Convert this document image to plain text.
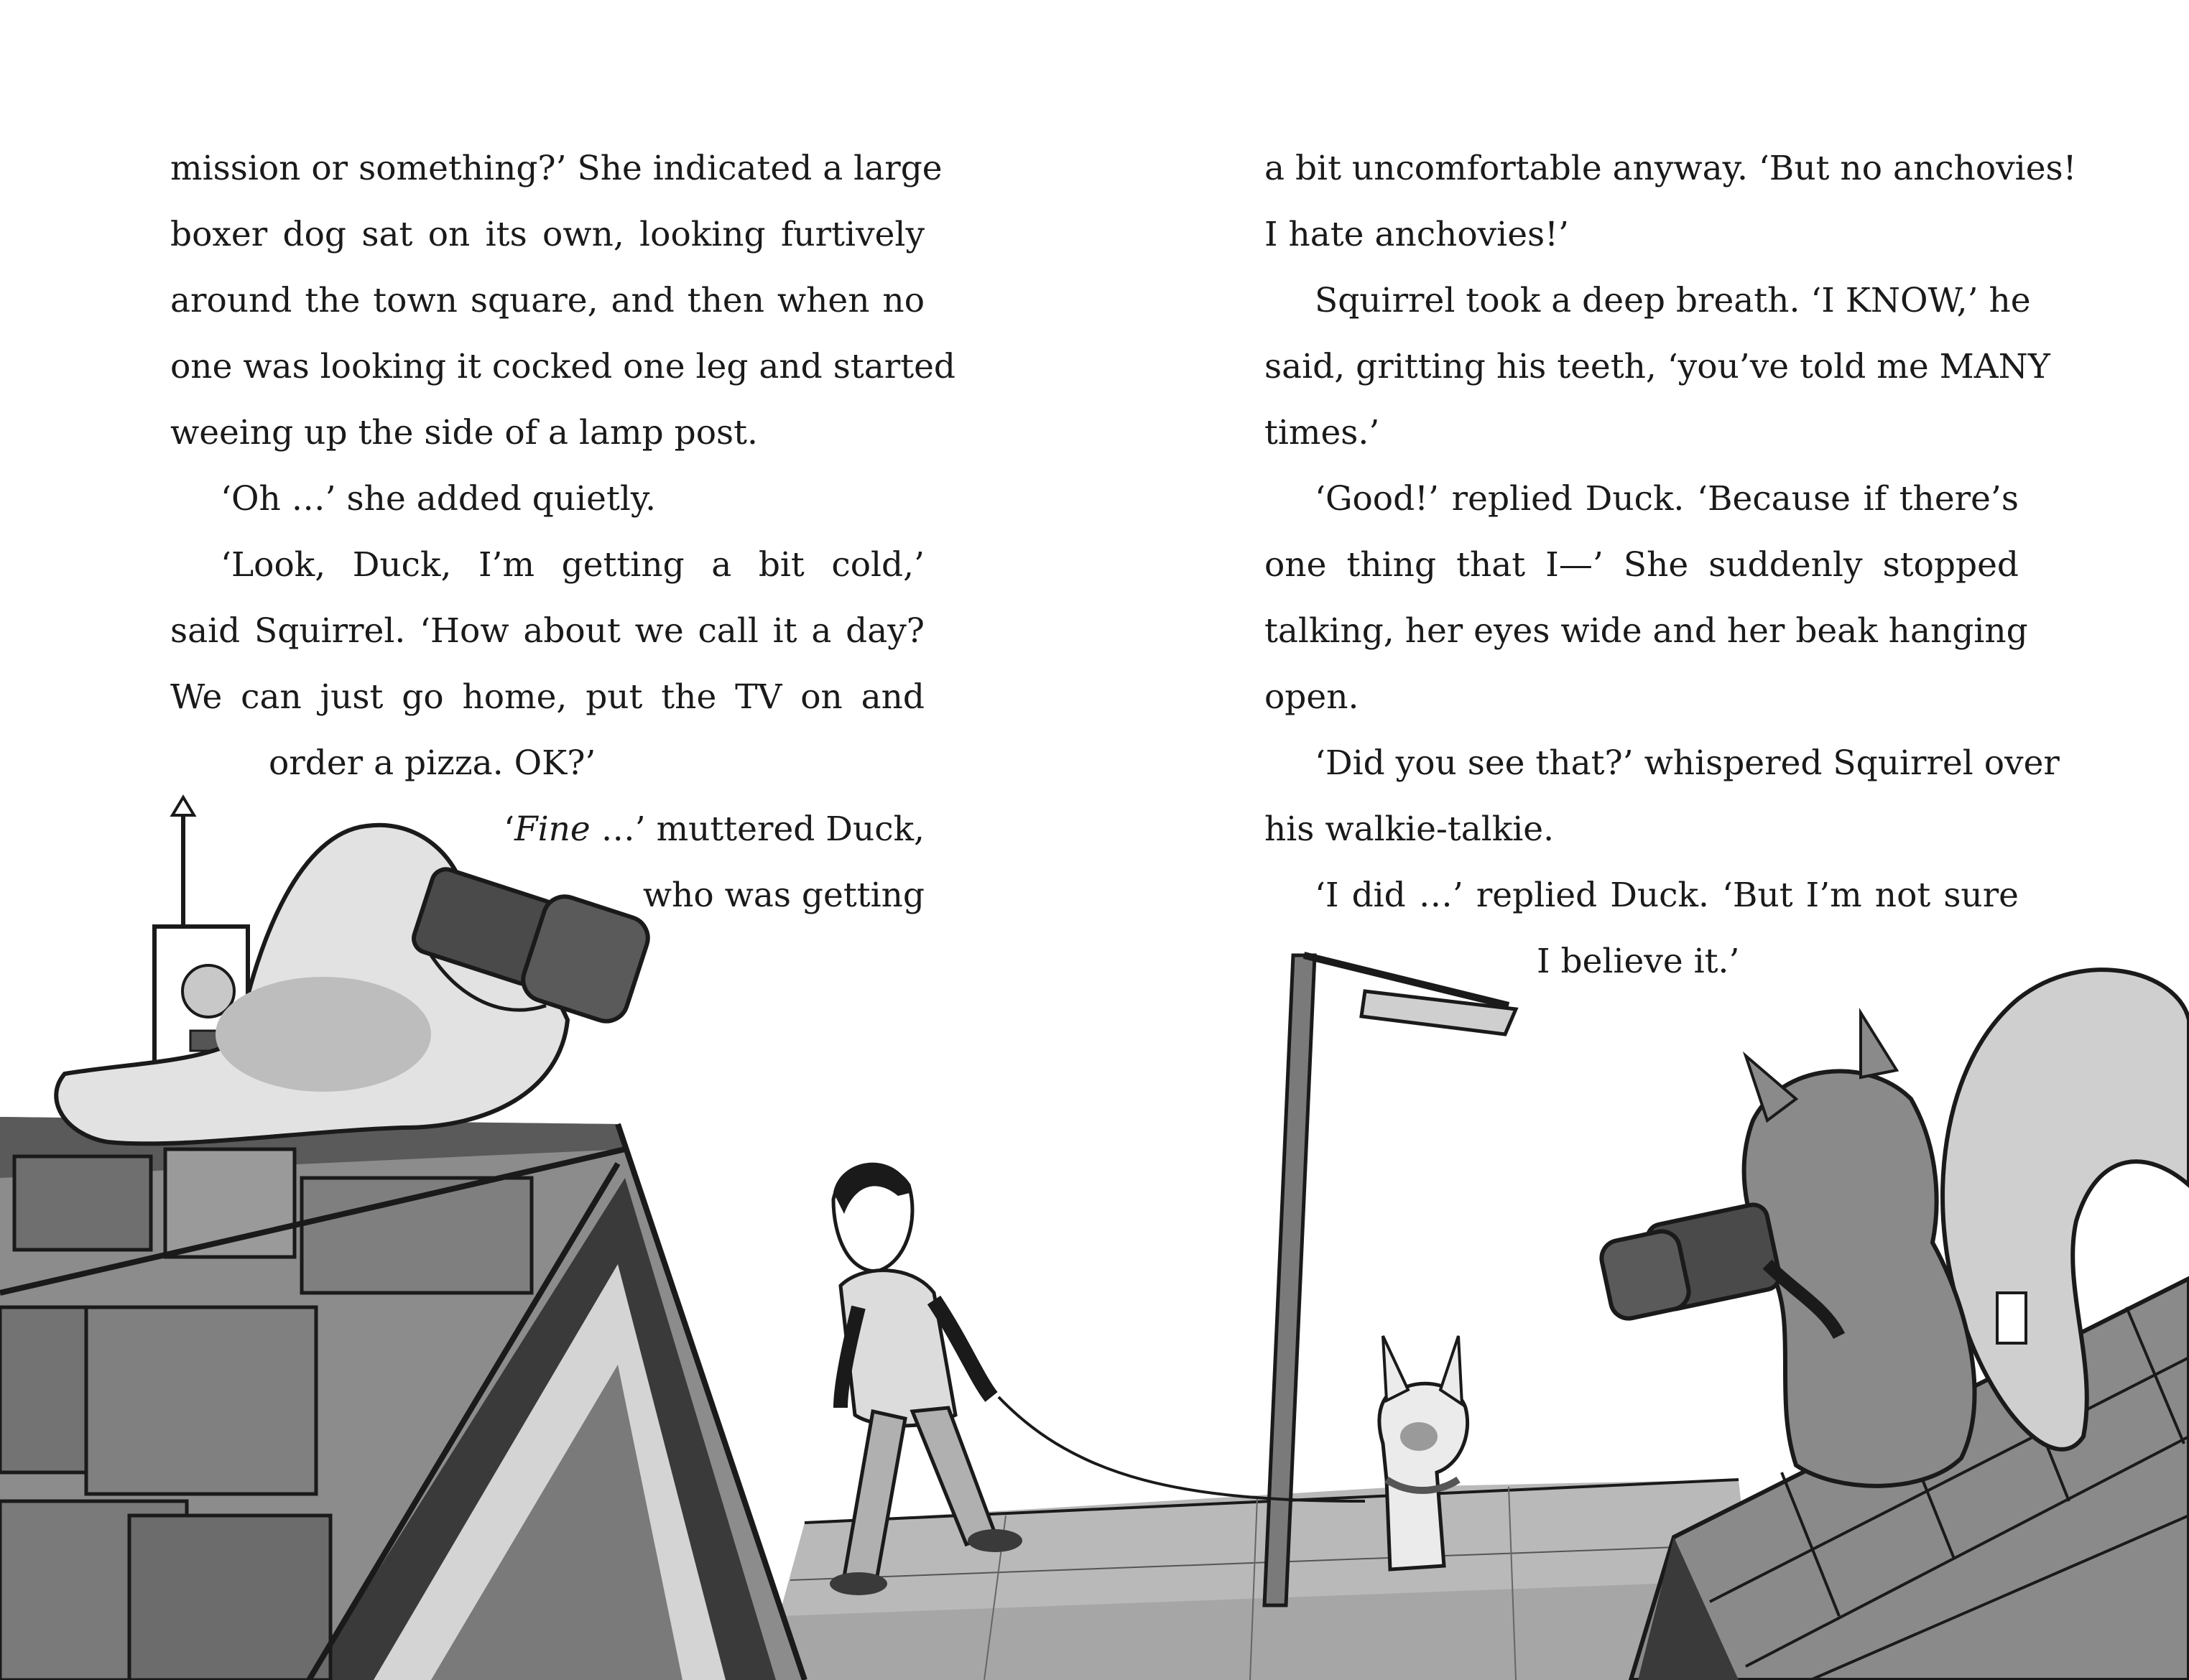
mission or something?’ She indicated a large
boxer dog sat on its own, looking furtively
around the town square, and then when no
one was looking it cocked one leg and started
weeing up the side of a lamp post.
‘Oh …’ she added quietly.
‘Look, Duck, I’m getting a bit cold,’
said Squirrel. ‘How about we call it a day?
We can just go home, put the TV on and
order a pizza. OK?’
‘Fine …’ muttered Duck,
who was getting
a bit uncomfortable anyway. ‘But no anchovies!
I hate anchovies!’
Squirrel took a deep breath. ‘I KNOW,’ he
said, gritting his teeth, ‘you’ve told me MANY
times.’
‘Good!’ replied Duck. ‘Because if there’s
one thing that I—’ She suddenly stopped
talking, her eyes wide and her beak hanging
open.
‘Did you see that?’ whispered Squirrel over
his walkie-talkie.
‘I did …’ replied Duck. ‘But I’m not sure
I believe it.’
